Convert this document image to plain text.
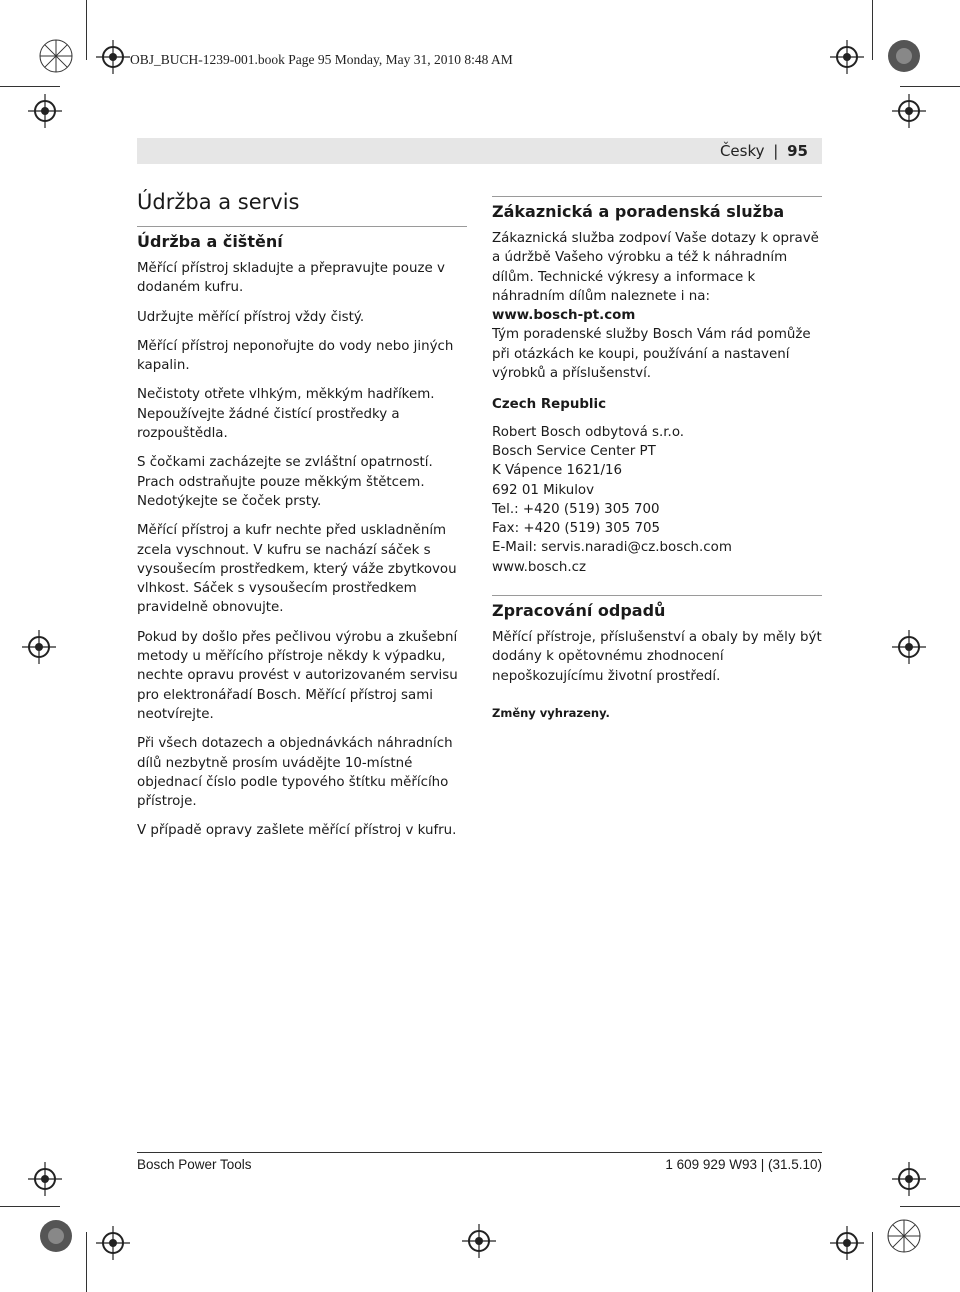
OBJ_BUCH-1239-001.book Page 95 Monday, May 31, 2010 8:48 AM
Česky | 95
Údržba a servis
Údržba a čištění

Měřící přístroj skladujte a přepravujte pouze v dodaném kufru.

Udržujte měřící přístroj vždy čistý.

Měřící přístroj neponořujte do vody nebo jiných kapalin.

Nečistoty otřete vlhkým, měkkým hadříkem. Nepoužívejte žádné čistící prostředky a rozpouštědla.

S čočkami zacházejte se zvláštní opatrností. Prach odstraňujte pouze měkkým štětcem. Nedotýkejte se čoček prsty.

Měřící přístroj a kufr nechte před uskladněním zcela vyschnout. V kufru se nachází sáček s vysoušecím prostředkem, který váže zbytkovou vlhkost. Sáček s vysoušecím prostředkem pravidelně obnovujte.

Pokud by došlo přes pečlivou výrobu a zkušební metody u měřícího přístroje někdy k výpadku, nechte opravu provést v autorizovaném servisu pro elektronářadí Bosch. Měřící přístroj sami neotvírejte.

Při všech dotazech a objednávkách náhradních dílů nezbytně prosím uvádějte 10-místné objednací číslo podle typového štítku měřícího přístroje.

V případě opravy zašlete měřící přístroj v kufru.

Zákaznická a poradenská služba
Zákaznická služba zodpoví Vaše dotazy k opravě a údržbě Vašeho výrobku a též k náhradním dílům. Technické výkresy a informace k náhradním dílům naleznete i na:
www.bosch-pt.com

Tým poradenské služby Bosch Vám rád pomůže při otázkách ke koupi, používání a nastavení výrobků a příslušenství.

Czech Republic
Robert Bosch odbytová s.r.o.
Bosch Service Center PT
K Vápence 1621/16
692 01 Mikulov
Tel.: +420 (519) 305 700
Fax: +420 (519) 305 705
E-Mail: servis.naradi@cz.bosch.com
www.bosch.cz
Zpracování odpadů

Měřící přístroje, příslušenství a obaly by měly být dodány k opětovnému zhodnocení nepoškozujícímu životní prostředí.

Změny vyhrazeny.
Bosch Power Tools	1 609 929 W93 | (31.5.10)
